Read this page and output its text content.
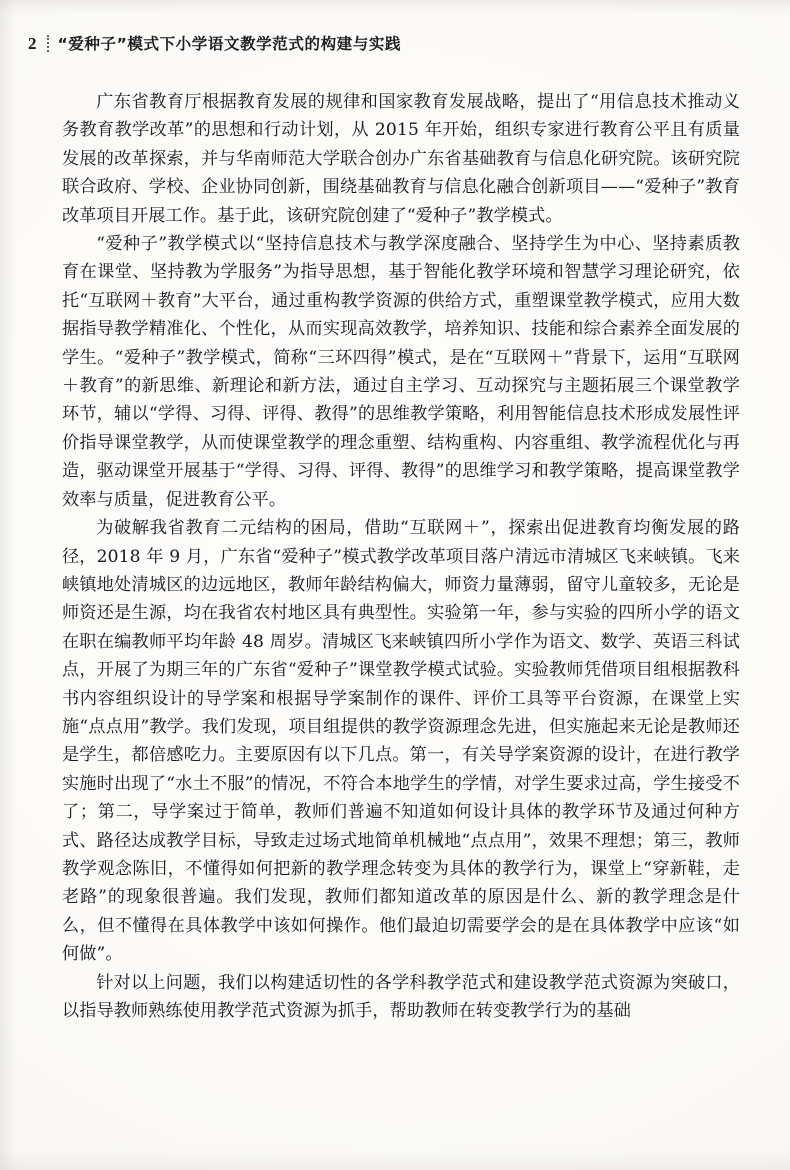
2 “爱种子”模式下小学语文教学范式的构建与实践

广东省教育厅根据教育发展的规律和国家教育发展战略，提出了“用信息技术推动义务教育教学改革”的思想和行动计划，从 2015 年开始，组织专家进行教育公平且有质量发展的改革探索，并与华南师范大学联合创办广东省基础教育与信息化研究院。该研究院联合政府、学校、企业协同创新，围绕基础教育与信息化融合创新项目——“爱种子”教育改革项目开展工作。基于此，该研究院创建了“爱种子”教学模式。

“爱种子”教学模式以“坚持信息技术与教学深度融合、坚持学生为中心、坚持素质教育在课堂、坚持教为学服务”为指导思想，基于智能化教学环境和智慧学习理论研究，依托“互联网＋教育”大平台，通过重构教学资源的供给方式，重塑课堂教学模式，应用大数据指导教学精准化、个性化，从而实现高效教学，培养知识、技能和综合素养全面发展的学生。“爱种子”教学模式，简称“三环四得”模式，是在“互联网＋”背景下，运用“互联网＋教育”的新思维、新理论和新方法，通过自主学习、互动探究与主题拓展三个课堂教学环节，辅以“学得、习得、评得、教得”的思维教学策略，利用智能信息技术形成发展性评价指导课堂教学，从而使课堂教学的理念重塑、结构重构、内容重组、教学流程优化与再造，驱动课堂开展基于“学得、习得、评得、教得”的思维学习和教学策略，提高课堂教学效率与质量，促进教育公平。

为破解我省教育二元结构的困局，借助“互联网＋”，探索出促进教育均衡发展的路径，2018 年 9 月，广东省“爱种子”模式教学改革项目落户清远市清城区飞来峡镇。飞来峡镇地处清城区的边远地区，教师年龄结构偏大，师资力量薄弱，留守儿童较多，无论是师资还是生源，均在我省农村地区具有典型性。实验第一年，参与实验的四所小学的语文在职在编教师平均年龄 48 周岁。清城区飞来峡镇四所小学作为语文、数学、英语三科试点，开展了为期三年的广东省“爱种子”课堂教学模式试验。实验教师凭借项目组根据教科书内容组织设计的导学案和根据导学案制作的课件、评价工具等平台资源，在课堂上实施“点点用”教学。我们发现，项目组提供的教学资源理念先进，但实施起来无论是教师还是学生，都倍感吃力。主要原因有以下几点。第一，有关导学案资源的设计，在进行教学实施时出现了“水土不服”的情况，不符合本地学生的学情，对学生要求过高，学生接受不了；第二，导学案过于简单，教师们普遍不知道如何设计具体的教学环节及通过何种方式、路径达成教学目标，导致走过场式地简单机械地“点点用”，效果不理想；第三，教师教学观念陈旧，不懂得如何把新的教学理念转变为具体的教学行为，课堂上“穿新鞋，走老路”的现象很普遍。我们发现，教师们都知道改革的原因是什么、新的教学理念是什么，但不懂得在具体教学中该如何操作。他们最迫切需要学会的是在具体教学中应该“如何做”。

针对以上问题，我们以构建适切性的各学科教学范式和建设教学范式资源为突破口，以指导教师熟练使用教学范式资源为抓手，帮助教师在转变教学行为的基础
